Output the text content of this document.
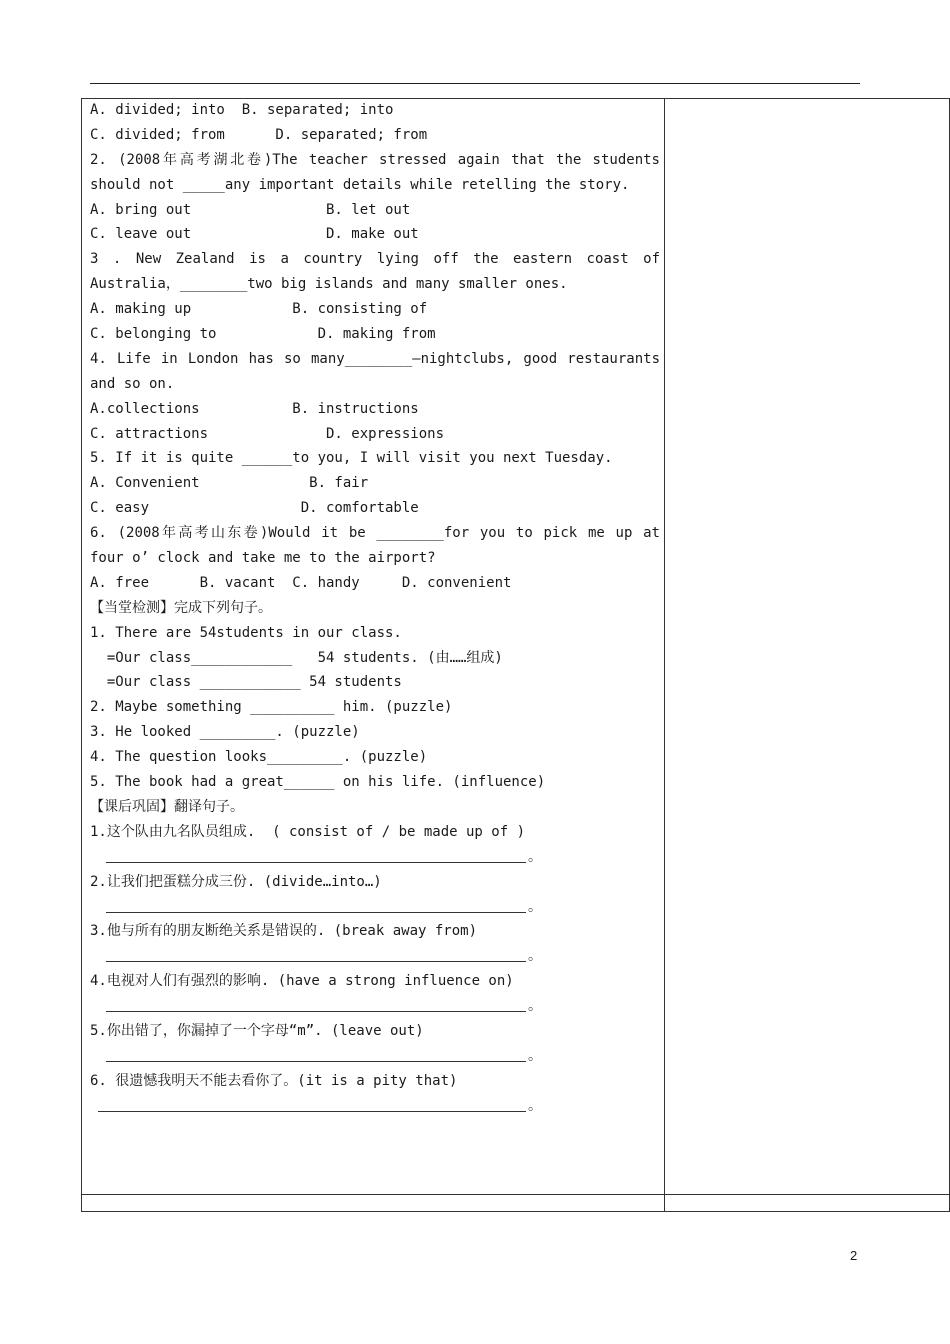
A. divided; into  B. separated; into
C. divided; from      D. separated; from
2. (2008年高考湖北卷)The teacher stressed again that the students
should not _____any important details while retelling the story.
A. bring out                B. let out
C. leave out                D. make out
3 . New Zealand is a country lying off the eastern coast of
Australia，________two big islands and many smaller ones.
A. making up            B. consisting of
C. belonging to            D. making from
4. Life in London has so many________—nightclubs, good restaurants
and so on.
A.collections           B. instructions
C. attractions              D. expressions
5. If it is quite ______to you, I will visit you next Tuesday.
A. Convenient             B. fair
C. easy                  D. comfortable
6. (2008年高考山东卷)Would it be ________for you to pick me up at
four o’ clock and take me to the airport?
A. free      B. vacant  C. handy     D. convenient
【当堂检测】完成下列句子。
1. There are 54students in our class.
=Our class____________   54 students. (由……组成)
=Our class ____________ 54 students
2. Maybe something __________ him. (puzzle)
3. He looked _________. (puzzle)
4. The question looks_________. (puzzle)
5. The book had a great______ on his life. (influence)
【课后巩固】翻译句子。
1.这个队由九名队员组成.  ( consist of / be made up of )
。
2.让我们把蛋糕分成三份. (divide…into…)
。
3.他与所有的朋友断绝关系是错误的. (break away from)
。
4.电视对人们有强烈的影响. (have a strong influence on)
。
5.你出错了，你漏掉了一个字母“m”. (leave out)
。
6. 很遗憾我明天不能去看你了。(it is a pity that)
。
2
